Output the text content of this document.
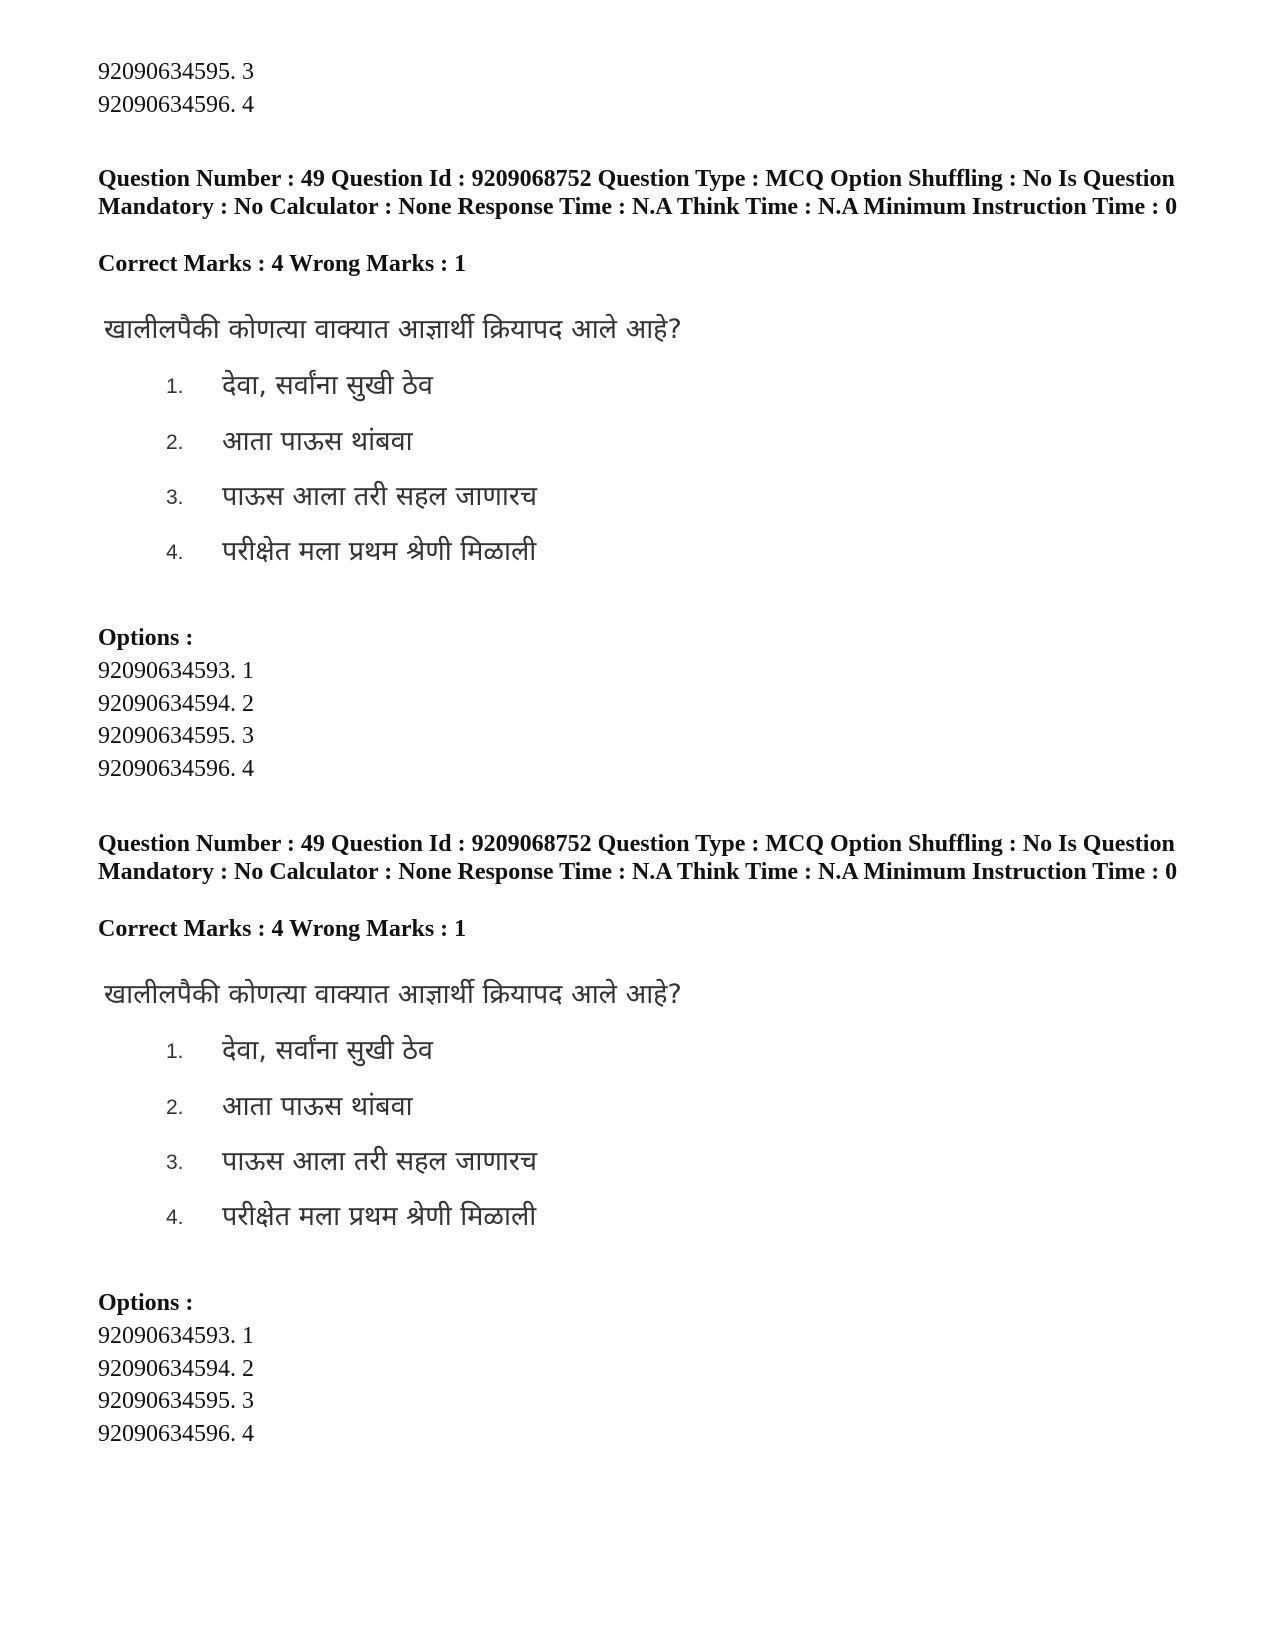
92090634595. 3
92090634596. 4
Question Number : 49 Question Id : 9209068752 Question Type : MCQ Option Shuffling : No Is Question Mandatory : No Calculator : None Response Time : N.A Think Time : N.A Minimum Instruction Time : 0
Correct Marks : 4 Wrong Marks : 1
खालीलपैकी कोणत्या वाक्यात आज्ञार्थी क्रियापद आले आहे?
1. देवा, सर्वांना सुखी ठेव
2. आता पाऊस थांबवा
3. पाऊस आला तरी सहल जाणारच
4. परीक्षेत मला प्रथम श्रेणी मिळाली
Options :
92090634593. 1
92090634594. 2
92090634595. 3
92090634596. 4
Question Number : 49 Question Id : 9209068752 Question Type : MCQ Option Shuffling : No Is Question Mandatory : No Calculator : None Response Time : N.A Think Time : N.A Minimum Instruction Time : 0
Correct Marks : 4 Wrong Marks : 1
खालीलपैकी कोणत्या वाक्यात आज्ञार्थी क्रियापद आले आहे?
1. देवा, सर्वांना सुखी ठेव
2. आता पाऊस थांबवा
3. पाऊस आला तरी सहल जाणारच
4. परीक्षेत मला प्रथम श्रेणी मिळाली
Options :
92090634593. 1
92090634594. 2
92090634595. 3
92090634596. 4
